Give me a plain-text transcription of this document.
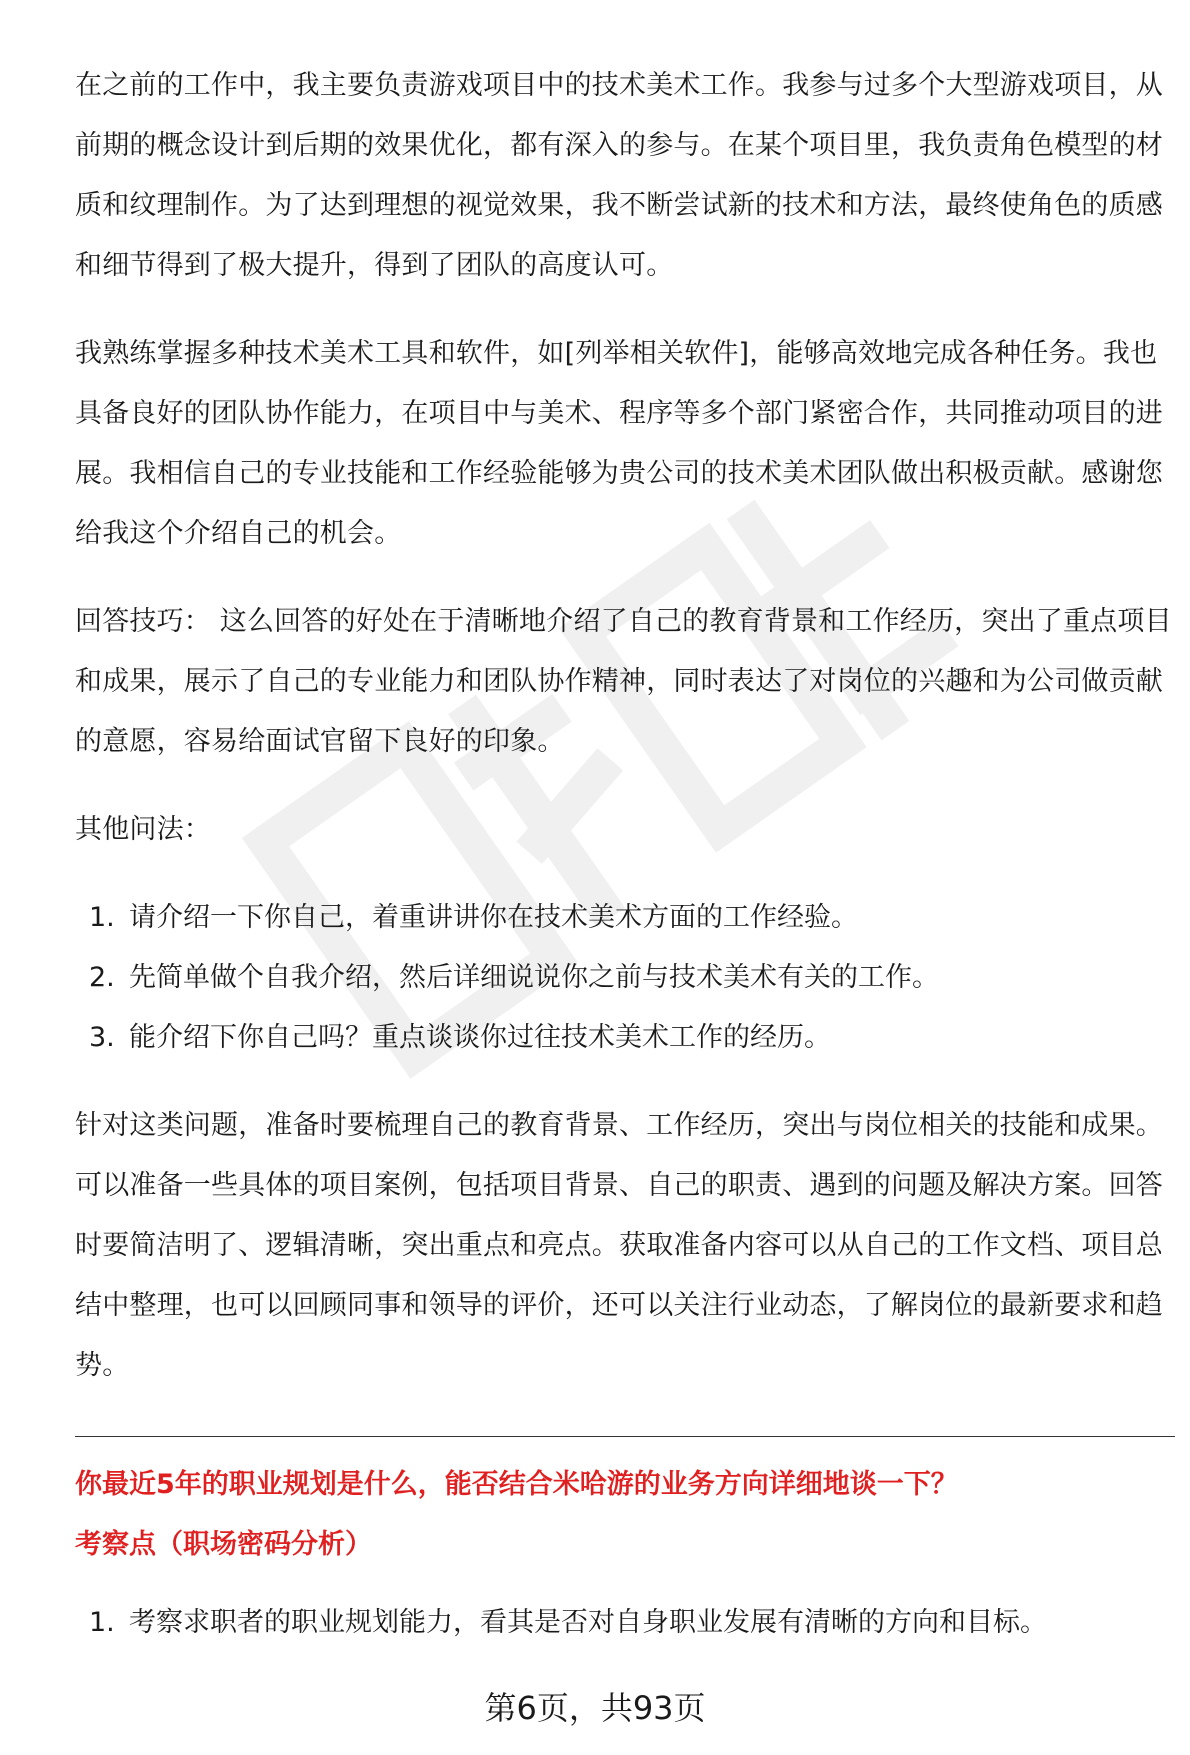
在之前的工作中，我主要负责游戏项目中的技术美术工作。我参与过多个大型游戏项目，从前期的概念设计到后期的效果优化，都有深入的参与。在某个项目里，我负责角色模型的材质和纹理制作。为了达到理想的视觉效果，我不断尝试新的技术和方法，最终使角色的质感和细节得到了极大提升，得到了团队的高度认可。

我熟练掌握多种技术美术工具和软件，如[列举相关软件]，能够高效地完成各种任务。我也具备良好的团队协作能力，在项目中与美术、程序等多个部门紧密合作，共同推动项目的进展。我相信自己的专业技能和工作经验能够为贵公司的技术美术团队做出积极贡献。感谢您给我这个介绍自己的机会。

回答技巧： 这么回答的好处在于清晰地介绍了自己的教育背景和工作经历，突出了重点项目和成果，展示了自己的专业能力和团队协作精神，同时表达了对岗位的兴趣和为公司做贡献的意愿，容易给面试官留下良好的印象。

其他问法：

1. 请介绍一下你自己，着重讲讲你在技术美术方面的工作经验。
2. 先简单做个自我介绍，然后详细说说你之前与技术美术有关的工作。
3. 能介绍下你自己吗？重点谈谈你过往技术美术工作的经历。

针对这类问题，准备时要梳理自己的教育背景、工作经历，突出与岗位相关的技能和成果。可以准备一些具体的项目案例，包括项目背景、自己的职责、遇到的问题及解决方案。回答时要简洁明了、逻辑清晰，突出重点和亮点。获取准备内容可以从自己的工作文档、项目总结中整理，也可以回顾同事和领导的评价，还可以关注行业动态，了解岗位的最新要求和趋势。

你最近5年的职业规划是什么，能否结合米哈游的业务方向详细地谈一下？

考察点（职场密码分析）

1. 考察求职者的职业规划能力，看其是否对自身职业发展有清晰的方向和目标。
第6页，共93页
